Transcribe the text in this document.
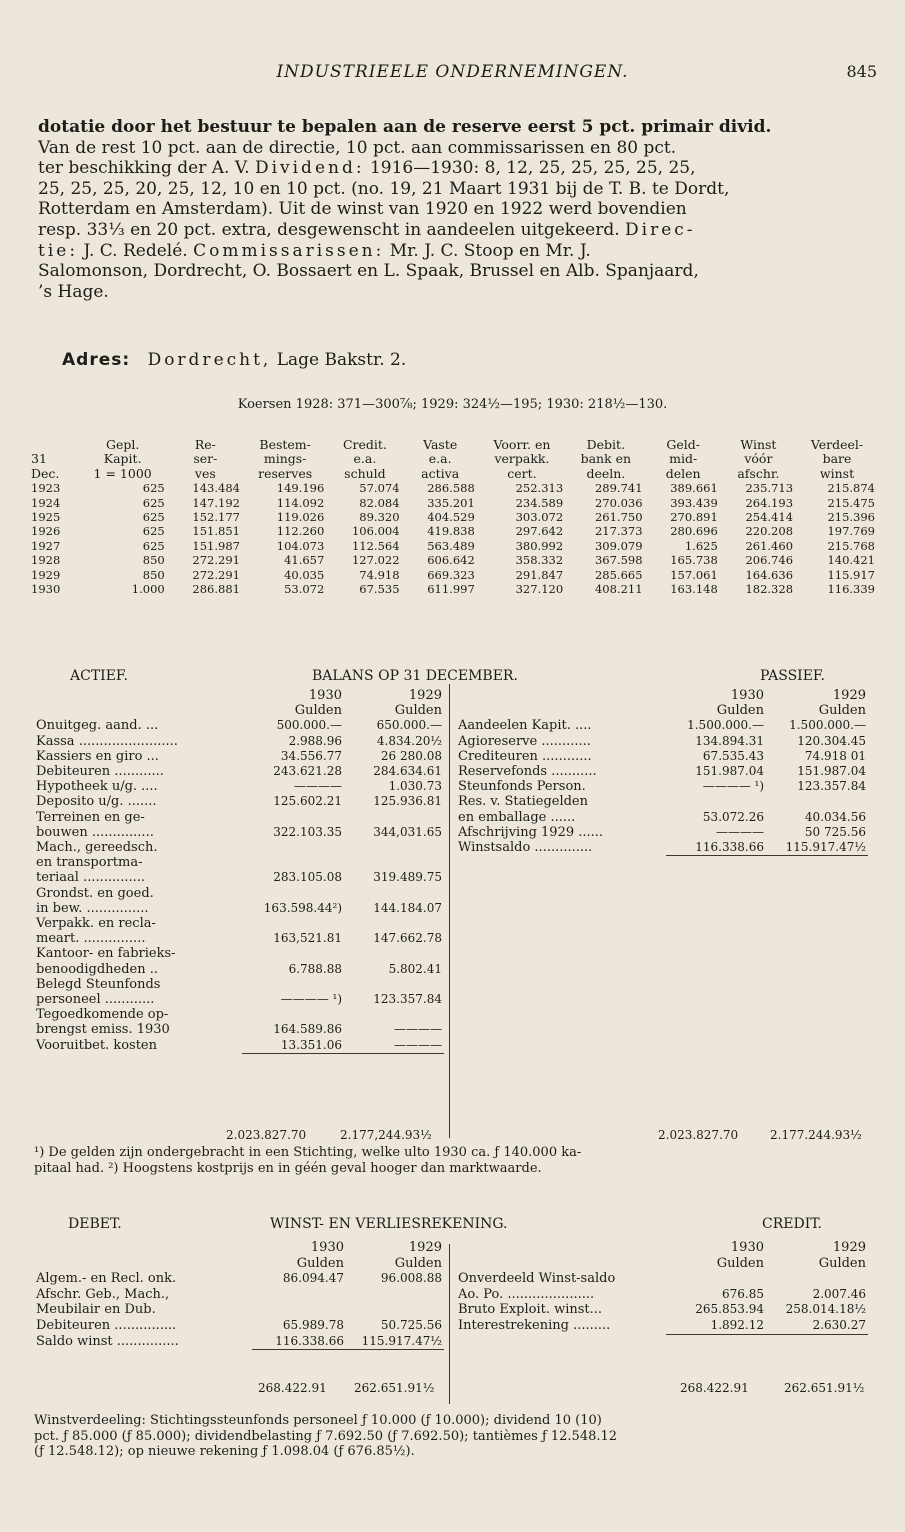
INDUSTRIEELE ONDERNEMINGEN.	845
dotatie door het bestuur te bepalen aan de reserve eerst 5 pct. primair divid.
Van de rest 10 pct. aan de directie, 10 pct. aan commissarissen en 80 pct.
ter beschikking der A. V. Dividend: 1916—1930: 8, 12, 25, 25, 25, 25, 25,
25, 25, 25, 20, 25, 12, 10 en 10 pct. (no. 19, 21 Maart 1931 bij de T. B. te Dordt,
Rotterdam en Amsterdam). Uit de winst van 1920 en 1922 werd bovendien
resp. 33⅓ en 20 pct. extra, desgewenscht in aandeelen uitgekeerd. Direc-
tie: J. C. Redelé. Commissarissen: Mr. J. C. Stoop en Mr. J.
Salomonson, Dordrecht, O. Bossaert en L. Spaak, Brussel en Alb. Spanjaard,
’s Hage.
Adres: Dordrecht, Lage Bakstr. 2.
Koersen 1928: 371—300⅞; 1929: 324½—195; 1930: 218½—130.
	Gepl.	Re-	Bestem-	Credit.	Vaste	Voorr. en	Debit.	Geld-	Winst	Verdeel-
31	Kapit.	ser-	mings-	e.a.	e.a.	verpakk.	bank en	mid-	vóór	bare
Dec.	1 = 1000	ves	reserves	schuld	activa	cert.	deeln.	delen	afschr.	winst
1923	625	143.484	149.196	57.074	286.588	252.313	289.741	389.661	235.713	215.874
1924	625	147.192	114.092	82.084	335.201	234.589	270.036	393.439	264.193	215.475
1925	625	152.177	119.026	89.320	404.529	303.072	261.750	270.891	254.414	215.396
1926	625	151.851	112.260	106.004	419.838	297.642	217.373	280.696	220.208	197.769
1927	625	151.987	104.073	112.564	563.489	380.992	309.079	1.625	261.460	215.768
1928	850	272.291	41.657	127.022	606.642	358.332	367.598	165.738	206.746	140.421
1929	850	272.291	40.035	74.918	669.323	291.847	285.665	157.061	164.636	115.917
1930	1.000	286.881	53.072	67.535	611.997	327.120	408.211	163.148	182.328	116.339
ACTIEF.	BALANS OP 31 DECEMBER.	PASSIEF.
	1930	1929
	Gulden	Gulden
Onuitgeg. aand. ...	500.000.—	650.000.—
Kassa ........................	2.988.96	4.834.20½
Kassiers en giro ...	34.556.77	26 280.08
Debiteuren ............	243.621.28	284.634.61
Hypotheek u/g. ....	————	1.030.73
Deposito u/g. .......	125.602.21	125.936.81
Terreinen en ge-		
bouwen ...............	322.103.35	344,031.65
Mach., gereedsch.		
en transportma-		
teriaal ...............	283.105.08	319.489.75
Grondst. en goed.		
in bew. ...............	163.598.44²)	144.184.07
Verpakk. en recla-		
meart. ...............	163,521.81	147.662.78
Kantoor- en fabrieks-		
benoodigdheden ..	6.788.88	5.802.41
Belegd Steunfonds		
personeel ............	———— ¹)	123.357.84
Tegoedkomende op-		
brengst emiss. 1930	164.589.86	————
Vooruitbet. kosten	13.351.06	————
	1930	1929
	Gulden	Gulden
Aandeelen Kapit. ....	1.500.000.—	1.500.000.—
Agioreserve ............	134.894.31	120.304.45
Crediteuren ............	67.535.43	74.918 01
Reservefonds ...........	151.987.04	151.987.04
Steunfonds Person.	———— ¹)	123.357.84
Res. v. Statiegelden		
en emballage ......	53.072.26	40.034.56
Afschrijving 1929 ......	————	50 725.56
Winstsaldo ..............	116.338.66	115.917.47½
2.023.827.70	2.177,244.93½	2.023.827.70	2.177.244.93½
¹) De gelden zijn ondergebracht in een Stichting, welke ulto 1930 ca. ƒ 140.000 ka-
pitaal had. ²) Hoogstens kostprijs en in géén geval hooger dan marktwaarde.
DEBET.	WINST- EN VERLIESREKENING.	CREDIT.
	1930	1929
	Gulden	Gulden
Algem.- en Recl. onk.	86.094.47	96.008.88
Afschr. Geb., Mach.,		
Meubilair en Dub.		
Debiteuren ...............	65.989.78	50.725.56
Saldo winst ...............	116.338.66	115.917.47½
	1930	1929
	Gulden	Gulden
Onverdeeld Winst-saldo		
Ao. Po. .....................	676.85	2.007.46
Bruto Exploit. winst...	265.853.94	258.014.18½
Interestrekening .........	1.892.12	2.630.27
268.422.91 262.651.91½	268.422.91	262.651.91½
Winstverdeeling: Stichtingssteunfonds personeel ƒ 10.000 (ƒ 10.000); dividend 10 (10)
pct. ƒ 85.000 (ƒ 85.000); dividendbelasting ƒ 7.692.50 (ƒ 7.692.50); tantièmes ƒ 12.548.12
(ƒ 12.548.12); op nieuwe rekening ƒ 1.098.04 (ƒ 676.85½).
